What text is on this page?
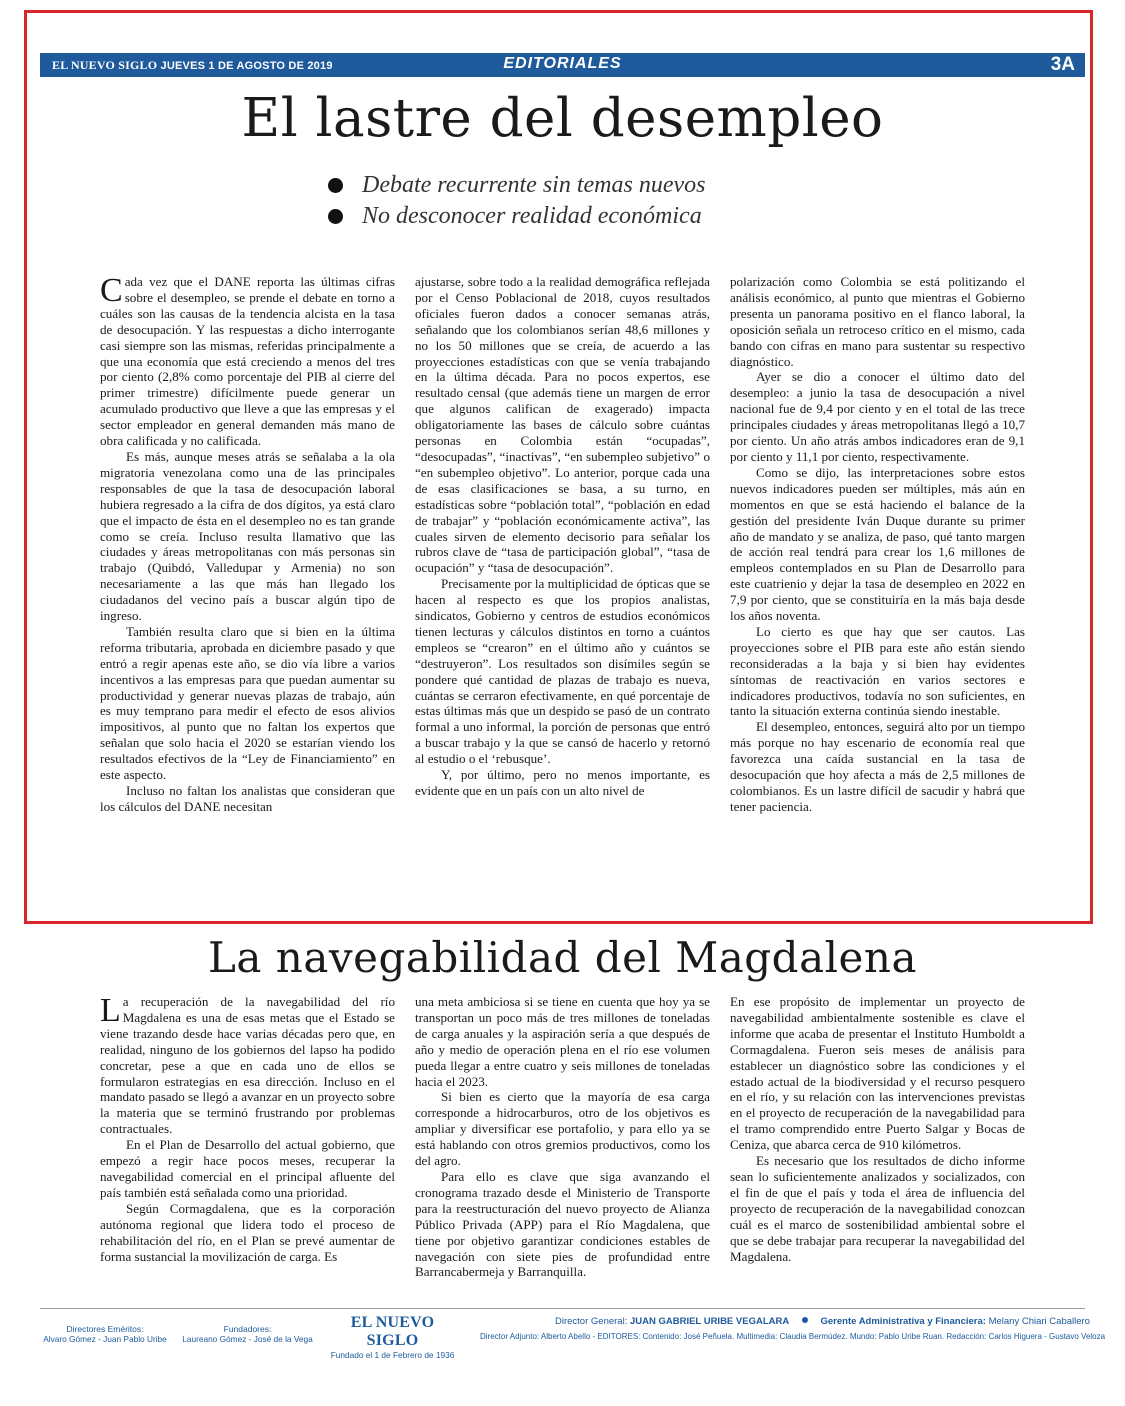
EL NUEVO SIGLO JUEVES 1 DE AGOSTO DE 2019	EDITORIALES	3A
El lastre del desempleo
Debate recurrente sin temas nuevos
No desconocer realidad económica

Cada vez que el DANE reporta las últimas cifras sobre el desempleo, se prende el debate en torno a cuáles son las causas de la tendencia alcista en la tasa de desocupación. Y las respuestas a dicho interrogante casi siempre son las mismas, referidas principalmente a que una economía que está creciendo a menos del tres por ciento (2,8% como porcentaje del PIB al cierre del primer trimestre) difícilmente puede generar un acumulado productivo que lleve a que las empresas y el sector empleador en general demanden más mano de obra calificada y no calificada.

Es más, aunque meses atrás se señalaba a la ola migratoria venezolana como una de las principales responsables de que la tasa de desocupación laboral hubiera regresado a la cifra de dos dígitos, ya está claro que el impacto de ésta en el desempleo no es tan grande como se creía. Incluso resulta llamativo que las ciudades y áreas metropolitanas con más personas sin trabajo (Quibdó, Valledupar y Armenia) no son necesariamente a las que más han llegado los ciudadanos del vecino país a buscar algún tipo de ingreso.

También resulta claro que si bien en la última reforma tributaria, aprobada en diciembre pasado y que entró a regir apenas este año, se dio vía libre a varios incentivos a las empresas para que puedan aumentar su productividad y generar nuevas plazas de trabajo, aún es muy temprano para medir el efecto de esos alivios impositivos, al punto que no faltan los expertos que señalan que solo hacia el 2020 se estarían viendo los resultados efectivos de la “Ley de Financiamiento” en este aspecto.

Incluso no faltan los analistas que consideran que los cálculos del DANE necesitan

ajustarse, sobre todo a la realidad demográfica reflejada por el Censo Poblacional de 2018, cuyos resultados oficiales fueron dados a conocer semanas atrás, señalando que los colombianos serían 48,6 millones y no los 50 millones que se creía, de acuerdo a las proyecciones estadísticas con que se venía trabajando en la última década. Para no pocos expertos, ese resultado censal (que además tiene un margen de error que algunos califican de exagerado) impacta obligatoriamente las bases de cálculo sobre cuántas personas en Colombia están “ocupadas”, “desocupadas”, “inactivas”, “en subempleo subjetivo” o “en subempleo objetivo”. Lo anterior, porque cada una de esas clasificaciones se basa, a su turno, en estadísticas sobre “población total”, “población en edad de trabajar” y “población económicamente activa”, las cuales sirven de elemento decisorio para señalar los rubros clave de “tasa de participación global”, “tasa de ocupación” y “tasa de desocupación”.

Precisamente por la multiplicidad de ópticas que se hacen al respecto es que los propios analistas, sindicatos, Gobierno y centros de estudios económicos tienen lecturas y cálculos distintos en torno a cuántos empleos se “crearon” en el último año y cuántos se “destruyeron”. Los resultados son disímiles según se pondere qué cantidad de plazas de trabajo es nueva, cuántas se cerraron efectivamente, en qué porcentaje de estas últimas más que un despido se pasó de un contrato formal a uno informal, la porción de personas que entró a buscar trabajo y la que se cansó de hacerlo y retornó al estudio o el ‘rebusque’.

Y, por último, pero no menos importante, es evidente que en un país con un alto nivel de

polarización como Colombia se está politizando el análisis económico, al punto que mientras el Gobierno presenta un panorama positivo en el flanco laboral, la oposición señala un retroceso crítico en el mismo, cada bando con cifras en mano para sustentar su respectivo diagnóstico.

Ayer se dio a conocer el último dato del desempleo: a junio la tasa de desocupación a nivel nacional fue de 9,4 por ciento y en el total de las trece principales ciudades y áreas metropolitanas llegó a 10,7 por ciento. Un año atrás ambos indicadores eran de 9,1 por ciento y 11,1 por ciento, respectivamente.

Como se dijo, las interpretaciones sobre estos nuevos indicadores pueden ser múltiples, más aún en momentos en que se está haciendo el balance de la gestión del presidente Iván Duque durante su primer año de mandato y se analiza, de paso, qué tanto margen de acción real tendrá para crear los 1,6 millones de empleos contemplados en su Plan de Desarrollo para este cuatrienio y dejar la tasa de desempleo en 2022 en 7,9 por ciento, que se constituiría en la más baja desde los años noventa.

Lo cierto es que hay que ser cautos. Las proyecciones sobre el PIB para este año están siendo reconsideradas a la baja y si bien hay evidentes síntomas de reactivación en varios sectores e indicadores productivos, todavía no son suficientes, en tanto la situación externa continúa siendo inestable.

El desempleo, entonces, seguirá alto por un tiempo más porque no hay escenario de economía real que favorezca una caída sustancial en la tasa de desocupación que hoy afecta a más de 2,5 millones de colombianos. Es un lastre difícil de sacudir y habrá que tener paciencia.

La navegabilidad del Magdalena

La recuperación de la navegabilidad del río Magdalena es una de esas metas que el Estado se viene trazando desde hace varias décadas pero que, en realidad, ninguno de los gobiernos del lapso ha podido concretar, pese a que en cada uno de ellos se formularon estrategias en esa dirección. Incluso en el mandato pasado se llegó a avanzar en un proyecto sobre la materia que se terminó frustrando por problemas contractuales.

En el Plan de Desarrollo del actual gobierno, que empezó a regir hace pocos meses, recuperar la navegabilidad comercial en el principal afluente del país también está señalada como una prioridad.

Según Cormagdalena, que es la corporación autónoma regional que lidera todo el proceso de rehabilitación del río, en el Plan se prevé aumentar de forma sustancial la movilización de carga. Es

una meta ambiciosa si se tiene en cuenta que hoy ya se transportan un poco más de tres millones de toneladas de carga anuales y la aspiración sería a que después de año y medio de operación plena en el río ese volumen pueda llegar a entre cuatro y seis millones de toneladas hacia el 2023.

Si bien es cierto que la mayoría de esa carga corresponde a hidrocarburos, otro de los objetivos es ampliar y diversificar ese portafolio, y para ello ya se está hablando con otros gremios productivos, como los del agro.

Para ello es clave que siga avanzando el cronograma trazado desde el Ministerio de Transporte para la reestructuración del nuevo proyecto de Alianza Público Privada (APP) para el Río Magdalena, que tiene por objetivo garantizar condiciones estables de navegación con siete pies de profundidad entre Barrancabermeja y Barranquilla.

En ese propósito de implementar un proyecto de navegabilidad ambientalmente sostenible es clave el informe que acaba de presentar el Instituto Humboldt a Cormagdalena. Fueron seis meses de análisis para establecer un diagnóstico sobre las condiciones y el estado actual de la biodiversidad y el recurso pesquero en el río, y su relación con las intervenciones previstas en el proyecto de recuperación de la navegabilidad para el tramo comprendido entre Puerto Salgar y Bocas de Ceniza, que abarca cerca de 910 kilómetros.

Es necesario que los resultados de dicho informe sean lo suficientemente analizados y socializados, con el fin de que el país y toda el área de influencia del proyecto de recuperación de la navegabilidad conozcan cuál es el marco de sostenibilidad ambiental sobre el que se debe trabajar para recuperar la navegabilidad del Magdalena.

Directores Eméritos:
Alvaro Gómez - Juan Pablo Uribe
Fundadores:
Laureano Gómez - José de la Vega
EL NUEVO SIGLO
Fundado el 1 de Febrero de 1936
Director General: JUAN GABRIEL URIBE VEGALARA	Gerente Administrativa y Financiera: Melany Chiari Caballero
Director Adjunto: Alberto Abello - EDITORES: Contenido: José Peñuela. Multimedia: Claudia Bermúdez. Mundo: Pablo Uribe Ruan. Redacción: Carlos Higuera - Gustavo Veloza
